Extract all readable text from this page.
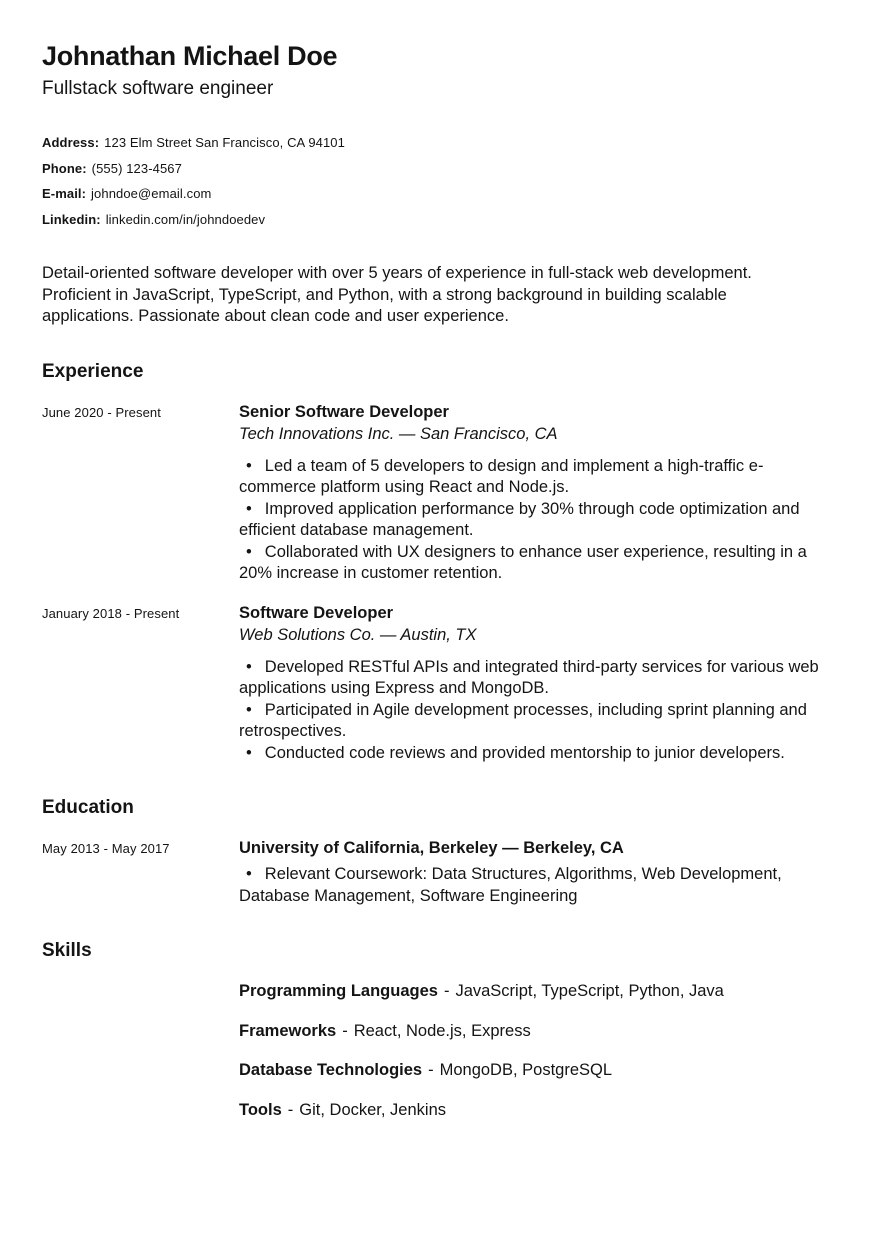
Johnathan Michael Doe
Fullstack software engineer
Address: 123 Elm Street San Francisco, CA 94101
Phone: (555) 123-4567
E-mail: johndoe@email.com
Linkedin: linkedin.com/in/johndoedev

Detail-oriented software developer with over 5 years of experience in full-stack web development. Proficient in JavaScript, TypeScript, and Python, with a strong background in building scalable applications. Passionate about clean code and user experience.

Experience
June 2020 - Present	Senior Software Developer
Tech Innovations Inc. — San Francisco, CA
• Led a team of 5 developers to design and implement a high-traffic e-commerce platform using React and Node.js.
• Improved application performance by 30% through code optimization and efficient database management.
• Collaborated with UX designers to enhance user experience, resulting in a 20% increase in customer retention.
January 2018 - Present	Software Developer
Web Solutions Co. — Austin, TX
• Developed RESTful APIs and integrated third-party services for various web applications using Express and MongoDB.
• Participated in Agile development processes, including sprint planning and retrospectives.
• Conducted code reviews and provided mentorship to junior developers.
Education
May 2013 - May 2017	University of California, Berkeley — Berkeley, CA
• Relevant Coursework: Data Structures, Algorithms, Web Development, Database Management, Software Engineering
Skills
Programming Languages - JavaScript, TypeScript, Python, Java
Frameworks - React, Node.js, Express
Database Technologies - MongoDB, PostgreSQL
Tools - Git, Docker, Jenkins
